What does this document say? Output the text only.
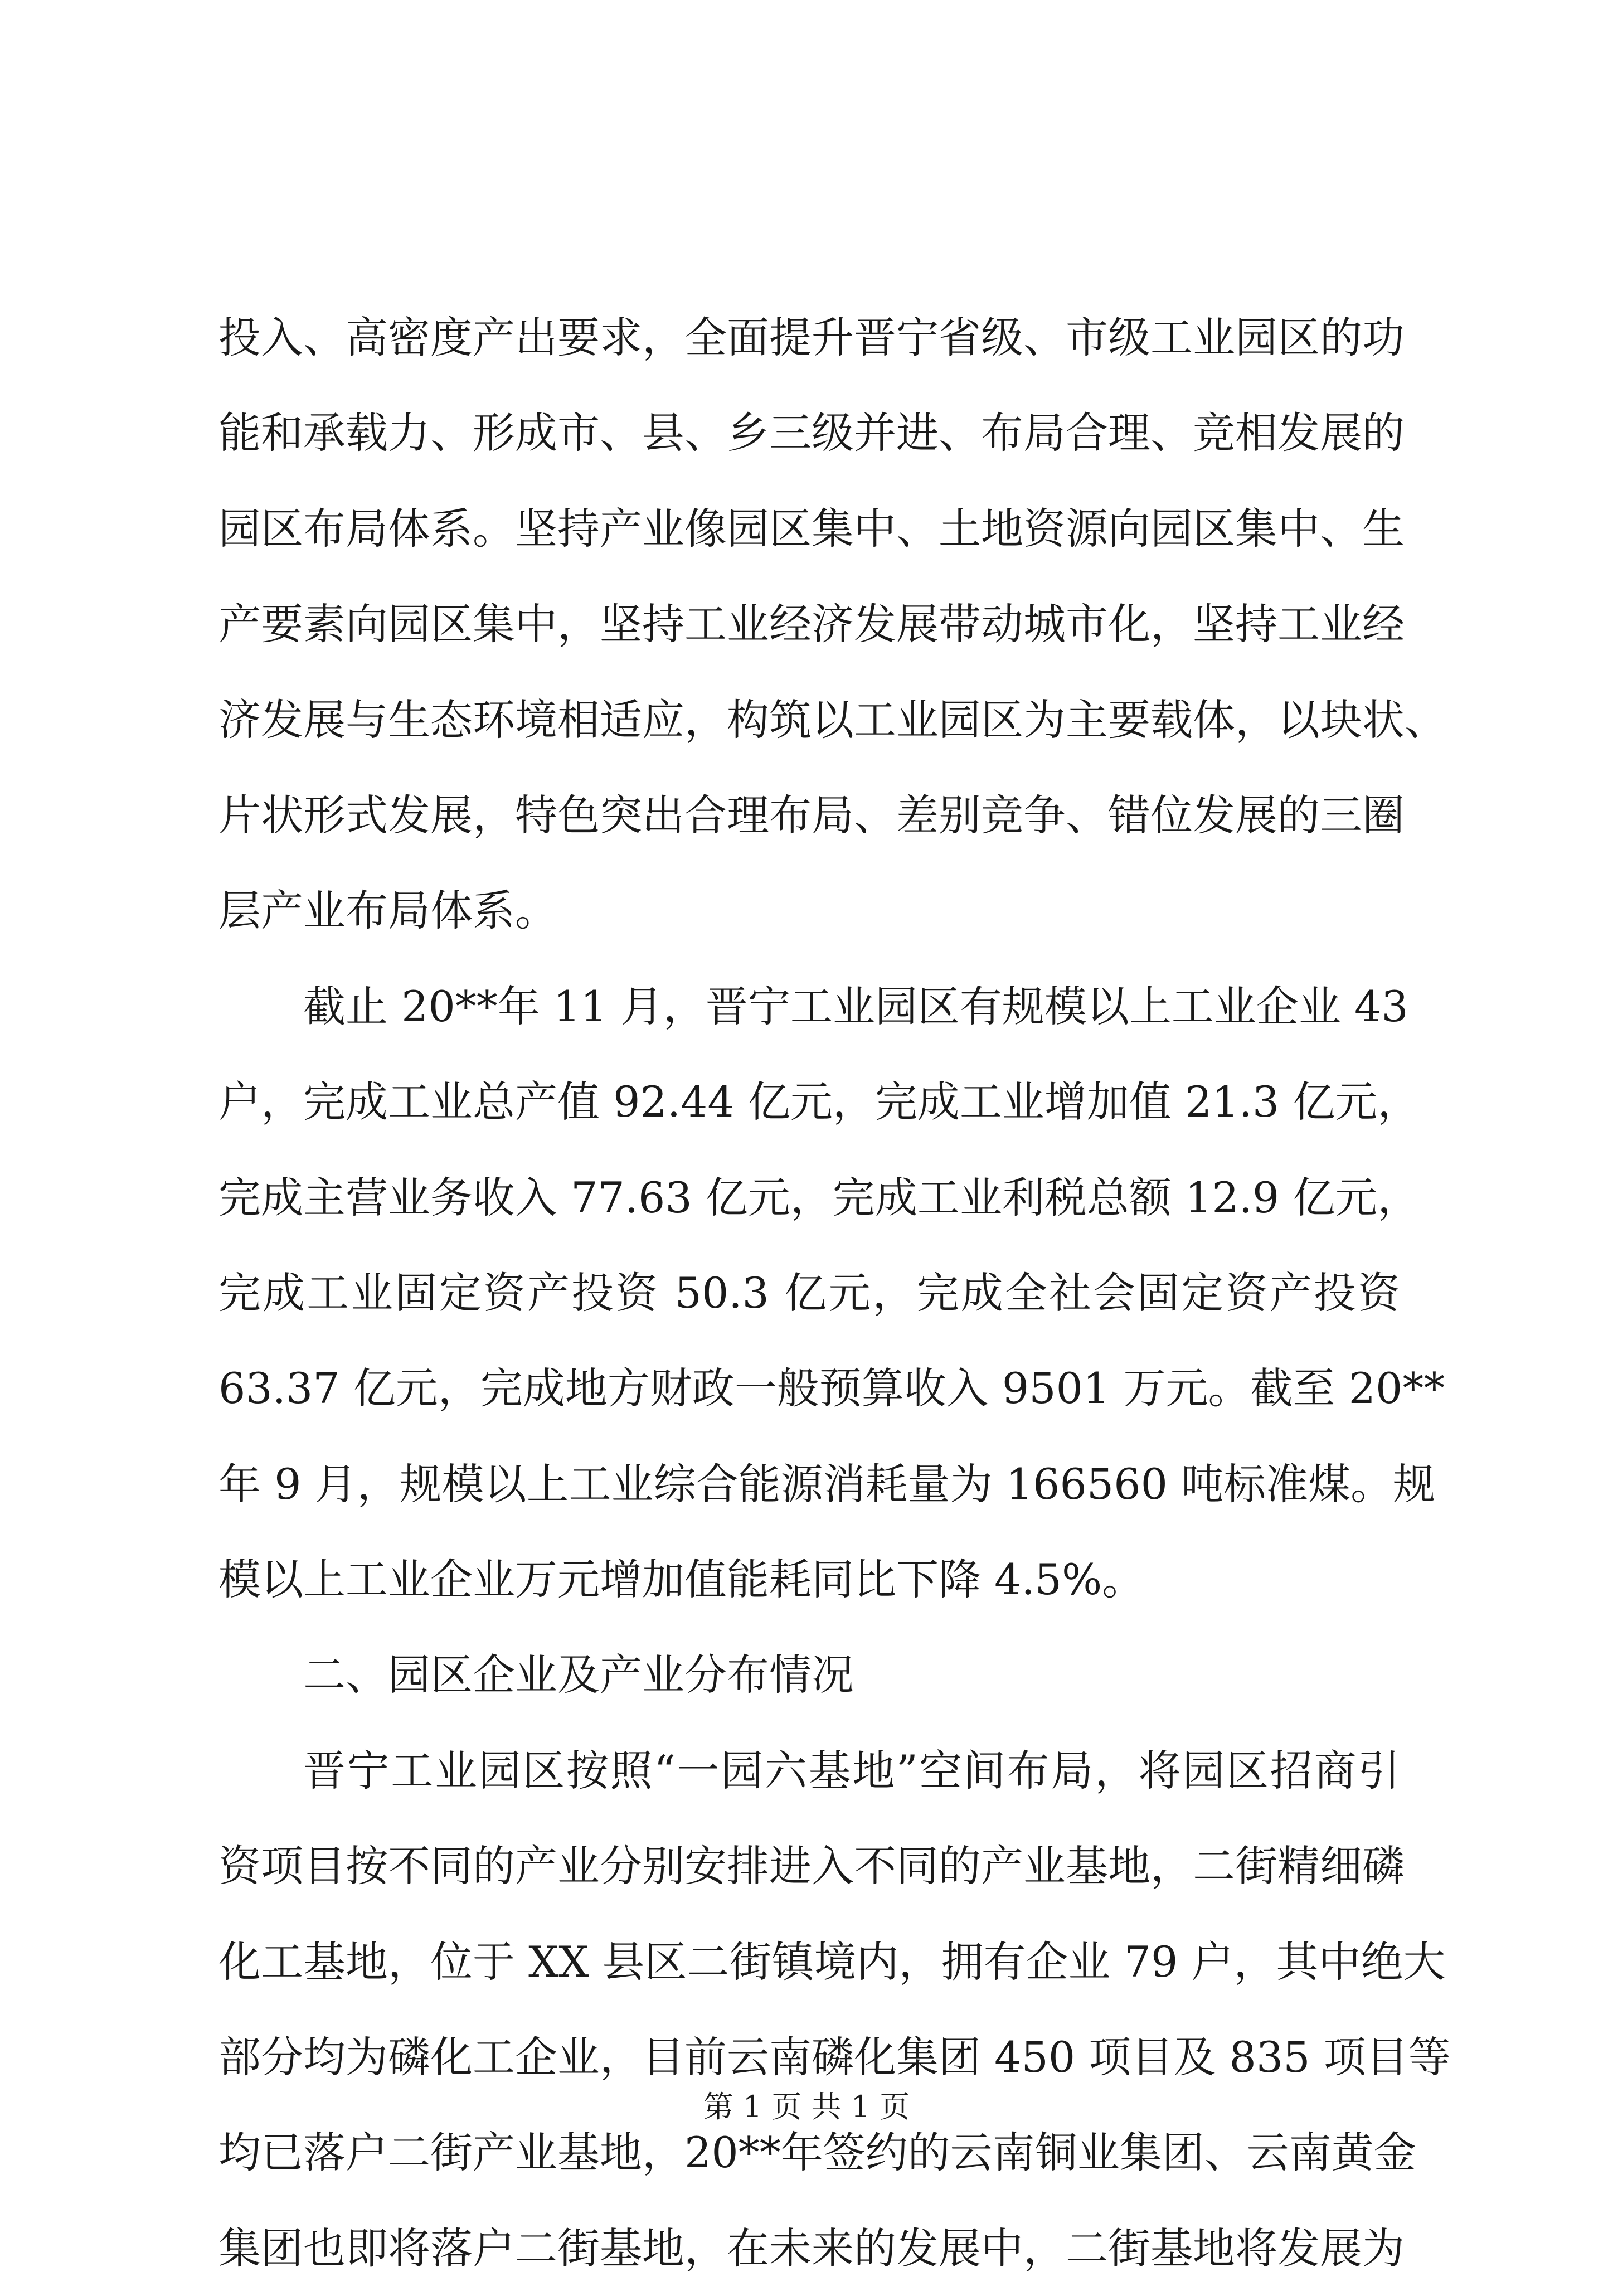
投入、高密度产出要求，全面提升晋宁省级、市级工业园区的功
能和承载力、形成市、县、乡三级并进、布局合理、竞相发展的
园区布局体系。坚持产业像园区集中、土地资源向园区集中、生
产要素向园区集中，坚持工业经济发展带动城市化，坚持工业经
济发展与生态环境相适应，构筑以工业园区为主要载体，以块状、
片状形式发展，特色突出合理布局、差别竞争、错位发展的三圈
层产业布局体系。
截止 20**年 11 月，晋宁工业园区有规模以上工业企业 43
户，完成工业总产值 92.44 亿元，完成工业增加值 21.3 亿元，
完成主营业务收入 77.63 亿元，完成工业利税总额 12.9 亿元，
完成工业固定资产投资 50.3 亿元，完成全社会固定资产投资
63.37 亿元，完成地方财政一般预算收入 9501 万元。截至 20**
年 9 月，规模以上工业综合能源消耗量为 166560 吨标准煤。规
模以上工业企业万元增加值能耗同比下降 4.5%。
二、园区企业及产业分布情况
晋宁工业园区按照“一园六基地”空间布局，将园区招商引
资项目按不同的产业分别安排进入不同的产业基地，二街精细磷
化工基地，位于 XX 县区二街镇境内，拥有企业 79 户，其中绝大
部分均为磷化工企业，目前云南磷化集团 450 项目及 835 项目等
均已落户二街产业基地，20**年签约的云南铜业集团、云南黄金
集团也即将落户二街基地，在未来的发展中，二街基地将发展为
第 1 页 共 1 页
